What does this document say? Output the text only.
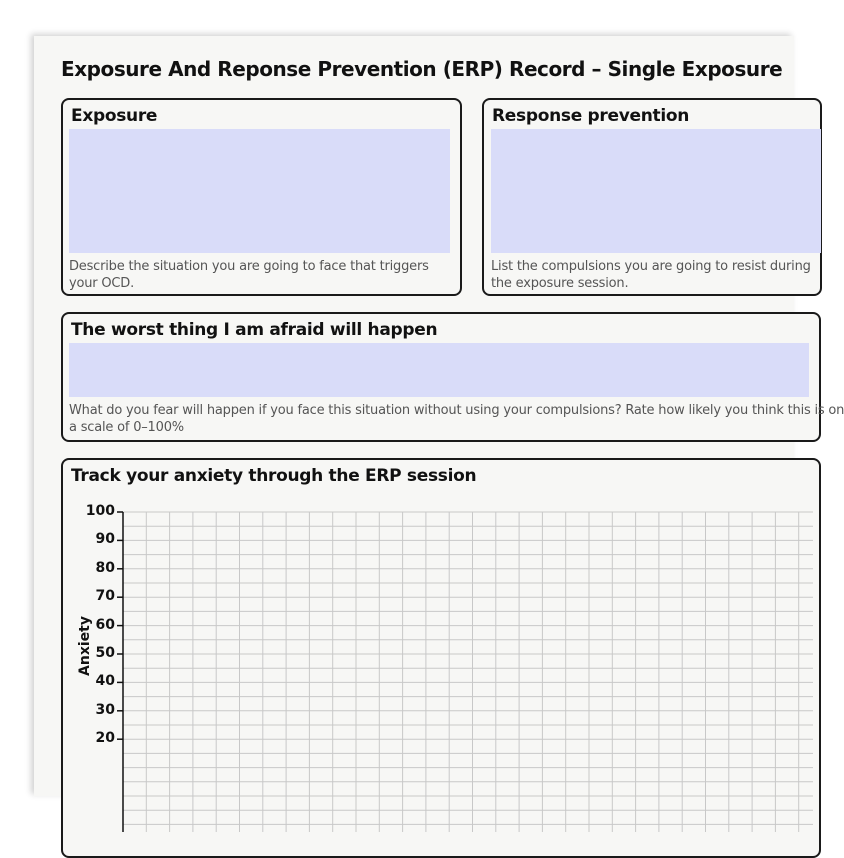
Exposure And Reponse Prevention (ERP) Record – Single Exposure
Exposure
Describe the situation you are going to face that triggers
your OCD.
Response prevention
List the compulsions you are going to resist during
the exposure session.
The worst thing I am afraid will happen
What do you fear will happen if you face this situation without using your compulsions? Rate how likely you think this is on
a scale of 0–100%
Track your anxiety through the ERP session
Anxiety
100
90
80
70
60
50
40
30
20
